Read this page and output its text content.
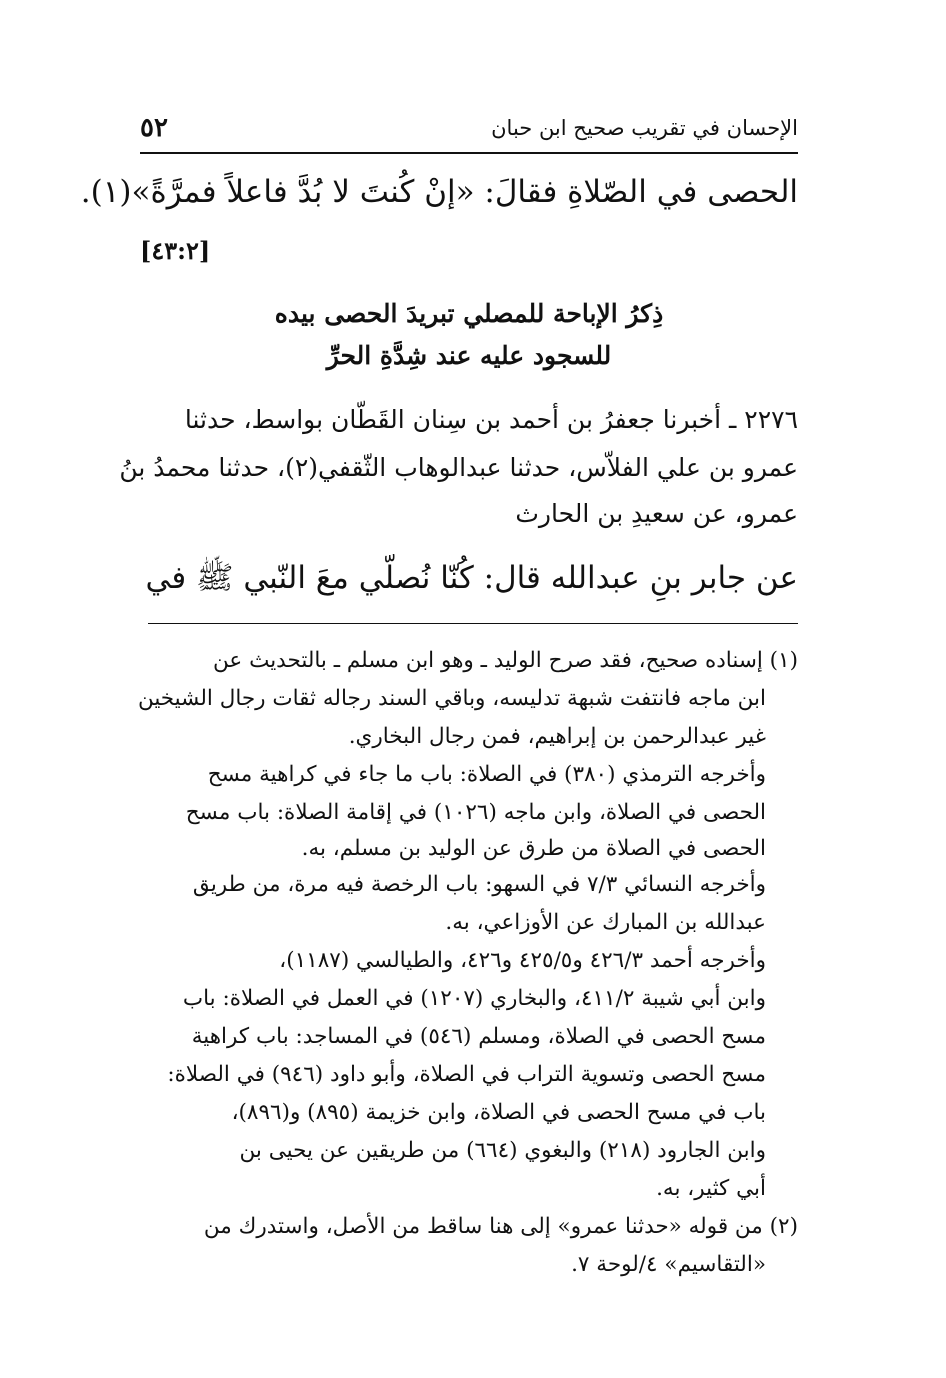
٥٢	الإحسان في تقريب صحيح ابن حبان
الحصى في الصّلاةِ فقالَ: «إنْ كُنتَ لا بُدَّ فاعلاً فمرَّةً»(١).
[٤٣:٢]
ذِكرُ الإباحة للمصلي تبريدَ الحصى بيده
للسجود عليه عند شِدَّةِ الحرِّ
٢٢٧٦ ـ أخبرنا جعفرُ بن أحمد بن سِنان القَطّان بواسط، حدثنا
عمرو بن علي الفلاّس، حدثنا عبدالوهاب الثّقفي(٢)، حدثنا محمدُ بنُ
عمرو، عن سعيدِ بن الحارث
عن جابر بنِ عبدالله قال: كُنّا نُصلّي معَ النّبي ﷺ في
(١) إسناده صحيح، فقد صرح الوليد ـ وهو ابن مسلم ـ بالتحديث عن
ابن ماجه فانتفت شبهة تدليسه، وباقي السند رجاله ثقات رجال الشيخين
غير عبدالرحمن بن إبراهيم، فمن رجال البخاري.
وأخرجه الترمذي (٣٨٠) في الصلاة: باب ما جاء في كراهية مسح
الحصى في الصلاة، وابن ماجه (١٠٢٦) في إقامة الصلاة: باب مسح
الحصى في الصلاة من طرق عن الوليد بن مسلم، به.
وأخرجه النسائي ٧/٣ في السهو: باب الرخصة فيه مرة، من طريق
عبدالله بن المبارك عن الأوزاعي، به.
وأخرجه أحمد ٤٢٦/٣ و٤٢٥/٥ و٤٢٦، والطيالسي (١١٨٧)،
وابن أبي شيبة ٤١١/٢، والبخاري (١٢٠٧) في العمل في الصلاة: باب
مسح الحصى في الصلاة، ومسلم (٥٤٦) في المساجد: باب كراهية
مسح الحصى وتسوية التراب في الصلاة، وأبو داود (٩٤٦) في الصلاة:
باب في مسح الحصى في الصلاة، وابن خزيمة (٨٩٥) و(٨٩٦)،
وابن الجارود (٢١٨) والبغوي (٦٦٤) من طريقين عن يحيى بن
أبي كثير، به.
(٢) من قوله «حدثنا عمرو» إلى هنا ساقط من الأصل، واستدرك من
«التقاسيم» ٤/لوحة ٧.
